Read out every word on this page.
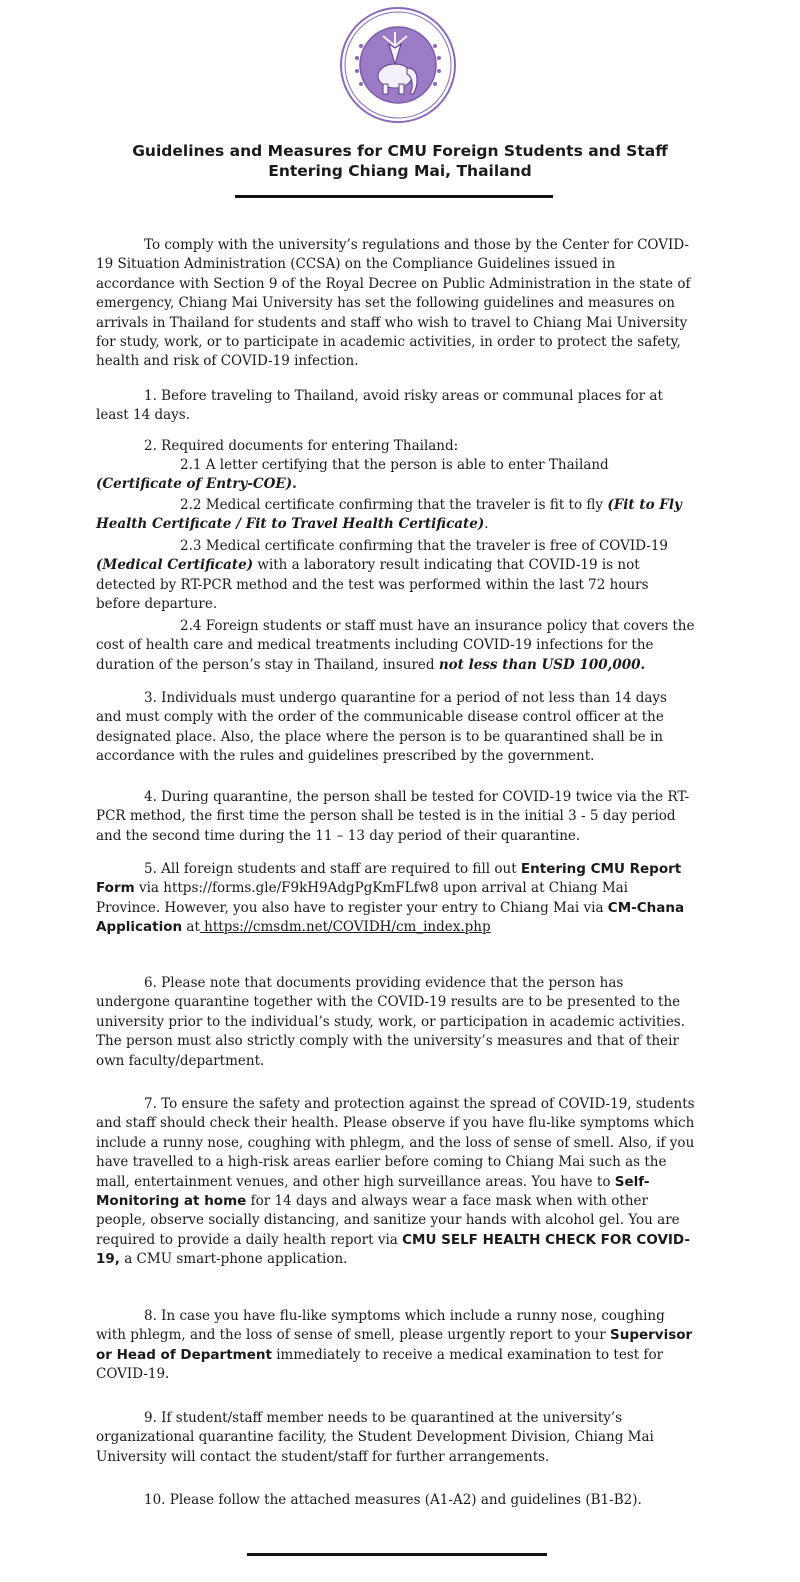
Guidelines and Measures for CMU Foreign Students and Staff
Entering Chiang Mai, Thailand

To comply with the university’s regulations and those by the Center for COVID-19 Situation Administration (CCSA) on the Compliance Guidelines issued in accordance with Section 9 of the Royal Decree on Public Administration in the state of emergency, Chiang Mai University has set the following guidelines and measures on arrivals in Thailand for students and staff who wish to travel to Chiang Mai University for study, work, or to participate in academic activities, in order to protect the safety, health and risk of COVID-19 infection.

1. Before traveling to Thailand, avoid risky areas or communal places for at least 14 days.

2. Required documents for entering Thailand:

2.1 A letter certifying that the person is able to enter Thailand (Certificate of Entry-COE).

2.2 Medical certificate confirming that the traveler is fit to fly (Fit to Fly Health Certificate / Fit to Travel Health Certificate).

2.3 Medical certificate confirming that the traveler is free of COVID-19 (Medical Certificate) with a laboratory result indicating that COVID-19 is not detected by RT-PCR method and the test was performed within the last 72 hours before departure.

2.4 Foreign students or staff must have an insurance policy that covers the cost of health care and medical treatments including COVID-19 infections for the duration of the person’s stay in Thailand, insured not less than USD 100,000.

3. Individuals must undergo quarantine for a period of not less than 14 days and must comply with the order of the communicable disease control officer at the designated place. Also, the place where the person is to be quarantined shall be in accordance with the rules and guidelines prescribed by the government.

4. During quarantine, the person shall be tested for COVID-19 twice via the RT-PCR method, the first time the person shall be tested is in the initial 3 - 5 day period and the second time during the 11 – 13 day period of their quarantine.

5. All foreign students and staff are required to fill out Entering CMU Report Form via https://forms.gle/F9kH9AdgPgKmFLfw8 upon arrival at Chiang Mai Province. However, you also have to register your entry to Chiang Mai via CM-Chana Application at https://cmsdm.net/COVIDH/cm_index.php

6. Please note that documents providing evidence that the person has undergone quarantine together with the COVID-19 results are to be presented to the university prior to the individual’s study, work, or participation in academic activities. The person must also strictly comply with the university’s measures and that of their own faculty/department.

7. To ensure the safety and protection against the spread of COVID-19, students and staff should check their health. Please observe if you have flu-like symptoms which include a runny nose, coughing with phlegm, and the loss of sense of smell. Also, if you have travelled to a high-risk areas earlier before coming to Chiang Mai such as the mall, entertainment venues, and other high surveillance areas. You have to Self-Monitoring at home for 14 days and always wear a face mask when with other people, observe socially distancing, and sanitize your hands with alcohol gel. You are required to provide a daily health report via CMU SELF HEALTH CHECK FOR COVID-19, a CMU smart-phone application.

8. In case you have flu-like symptoms which include a runny nose, coughing with phlegm, and the loss of sense of smell, please urgently report to your Supervisor or Head of Department immediately to receive a medical examination to test for COVID-19.

9. If student/staff member needs to be quarantined at the university’s organizational quarantine facility, the Student Development Division, Chiang Mai University will contact the student/staff for further arrangements.

10. Please follow the attached measures (A1-A2) and guidelines (B1-B2).
